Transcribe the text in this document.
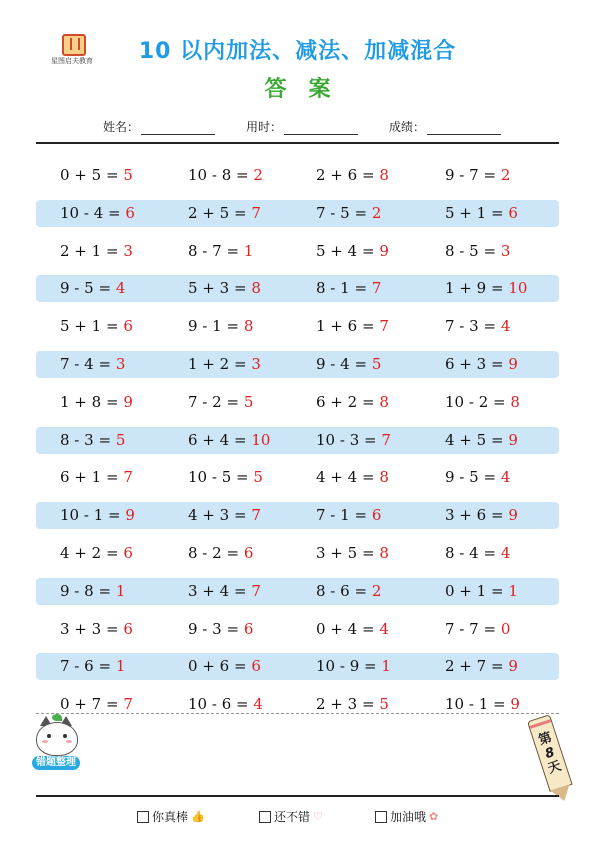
星图启夫教育	10 以内加法、减法、加减混合
答案
姓名：	用时：	成绩：
0 + 5 = 5	10 - 8 = 2	2 + 6 = 8	9 - 7 = 2
10 - 4 = 6	2 + 5 = 7	7 - 5 = 2	5 + 1 = 6
2 + 1 = 3	8 - 7 = 1	5 + 4 = 9	8 - 5 = 3
9 - 5 = 4	5 + 3 = 8	8 - 1 = 7	1 + 9 = 10
5 + 1 = 6	9 - 1 = 8	1 + 6 = 7	7 - 3 = 4
7 - 4 = 3	1 + 2 = 3	9 - 4 = 5	6 + 3 = 9
1 + 8 = 9	7 - 2 = 5	6 + 2 = 8	10 - 2 = 8
8 - 3 = 5	6 + 4 = 10	10 - 3 = 7	4 + 5 = 9
6 + 1 = 7	10 - 5 = 5	4 + 4 = 8	9 - 5 = 4
10 - 1 = 9	4 + 3 = 7	7 - 1 = 6	3 + 6 = 9
4 + 2 = 6	8 - 2 = 6	3 + 5 = 8	8 - 4 = 4
9 - 8 = 1	3 + 4 = 7	8 - 6 = 2	0 + 1 = 1
3 + 3 = 6	9 - 3 = 6	0 + 4 = 4	7 - 7 = 0
7 - 6 = 1	0 + 6 = 6	10 - 9 = 1	2 + 7 = 9
0 + 7 = 7	10 - 6 = 4	2 + 3 = 5	10 - 1 = 9
错题整理
第
8
天
你真棒 👍	还不错 ♡	加油哦 ✿
